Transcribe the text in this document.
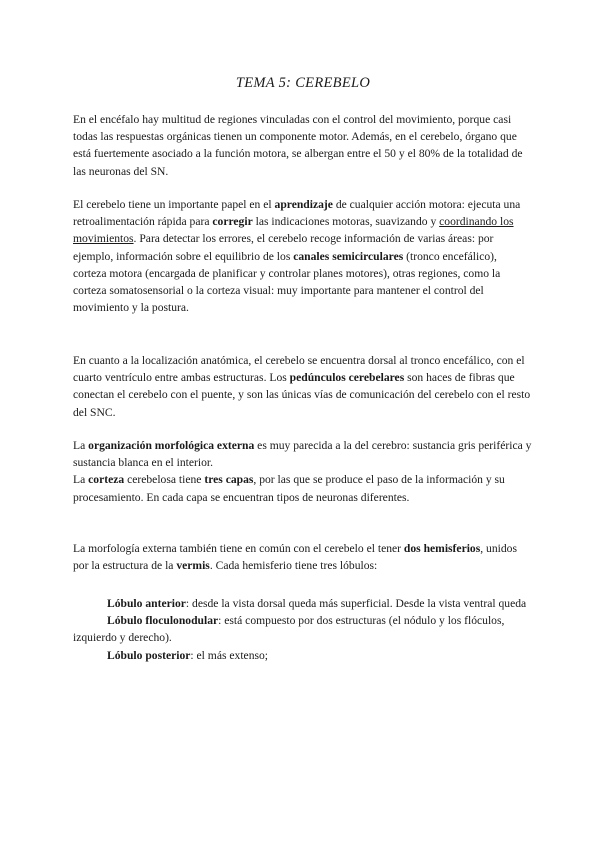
TEMA 5: CEREBELO

En el encéfalo hay multitud de regiones vinculadas con el control del movimiento, porque casi todas las respuestas orgánicas tienen un componente motor. Además, en el cerebelo, órgano que está fuertemente asociado a la función motora, se albergan entre el 50 y el 80% de la totalidad de las neuronas del SN.

El cerebelo tiene un importante papel en el aprendizaje de cualquier acción motora: ejecuta una retroalimentación rápida para corregir las indicaciones motoras, suavizando y coordinando los movimientos. Para detectar los errores, el cerebelo recoge información de varias áreas: por ejemplo, información sobre el equilibrio de los canales semicirculares (tronco encefálico), corteza motora (encargada de planificar y controlar planes motores), otras regiones, como la corteza somatosensorial o la corteza visual: muy importante para mantener el control del movimiento y la postura.

En cuanto a la localización anatómica, el cerebelo se encuentra dorsal al tronco encefálico, con el cuarto ventrículo entre ambas estructuras. Los pedúnculos cerebelares son haces de fibras que conectan el cerebelo con el puente, y son las únicas vías de comunicación del cerebelo con el resto del SNC.

La organización morfológica externa es muy parecida a la del cerebro: sustancia gris periférica y sustancia blanca en el interior.
La corteza cerebelosa tiene tres capas, por las que se produce el paso de la información y su procesamiento. En cada capa se encuentran tipos de neuronas diferentes.

La morfología externa también tiene en común con el cerebelo el tener dos hemisferios, unidos por la estructura de la vermis. Cada hemisferio tiene tres lóbulos:

Lóbulo anterior: desde la vista dorsal queda más superficial. Desde la vista ventral queda
Lóbulo floculonodular: está compuesto por dos estructuras (el nódulo y los flóculos, izquierdo y derecho).
Lóbulo posterior: el más extenso;
